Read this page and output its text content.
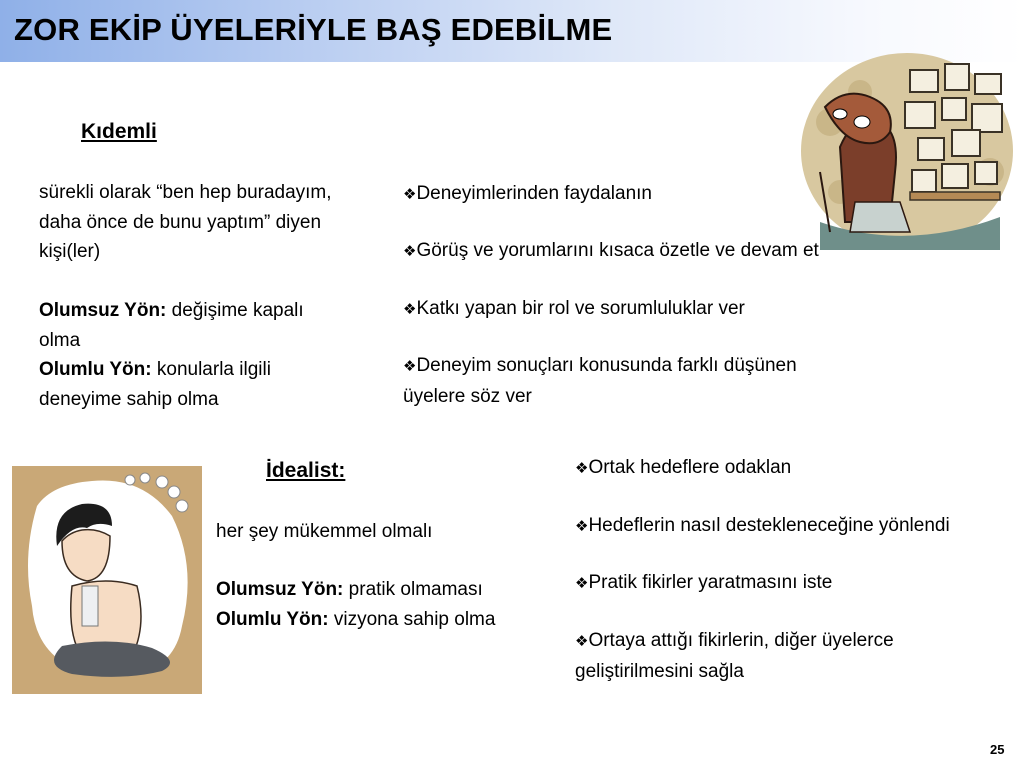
ZOR EKİP ÜYELERİYLE BAŞ EDEBİLME
Kıdemli
sürekli olarak “ben hep buradayım,
daha önce de bunu yaptım” diyen
kişi(ler)
Olumsuz Yön: değişime kapalı
olma
Olumlu Yön: konularla ilgili
deneyime sahip olma
❖Deneyimlerinden faydalanın
❖Görüş ve yorumlarını kısaca özetle ve devam et
❖Katkı yapan bir rol ve sorumluluklar ver
❖Deneyim sonuçları konusunda farklı düşünen
üyelere söz ver
İdealist:
her şey mükemmel olmalı
Olumsuz Yön: pratik olmaması
Olumlu Yön: vizyona sahip olma
❖Ortak hedeflere odaklan
❖Hedeflerin nasıl destekleneceğine yönlendi
❖Pratik fikirler yaratmasını iste
❖Ortaya attığı fikirlerin, diğer üyelerce
geliştirilmesini sağla
25
